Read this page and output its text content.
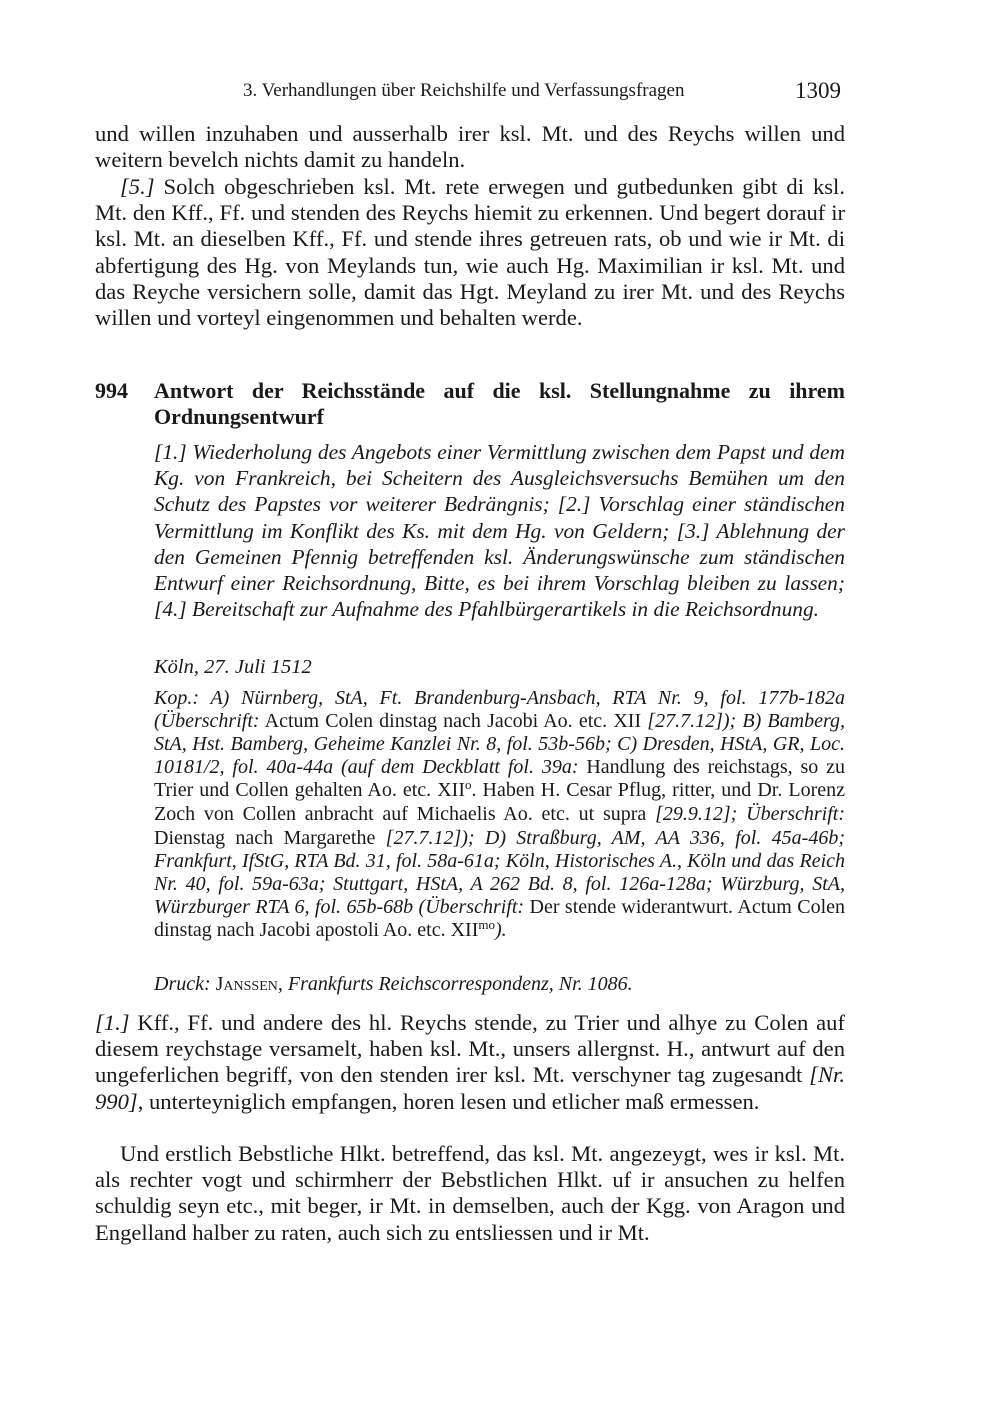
3. Verhandlungen über Reichshilfe und Verfassungsfragen	1309

und willen inzuhaben und ausserhalb irer ksl. Mt. und des Reychs willen und weitern bevelch nichts damit zu handeln.

[5.] Solch obgeschrieben ksl. Mt. rete erwegen und gutbedunken gibt di ksl. Mt. den Kff., Ff. und stenden des Reychs hiemit zu erkennen. Und begert dorauf ir ksl. Mt. an dieselben Kff., Ff. und stende ihres getreuen rats, ob und wie ir Mt. di abfertigung des Hg. von Meylands tun, wie auch Hg. Maximilian ir ksl. Mt. und das Reyche versichern solle, damit das Hgt. Meyland zu irer Mt. und des Reychs willen und vorteyl eingenommen und behalten werde.

994 Antwort der Reichsstände auf die ksl. Stellungnahme zu ihrem Ordnungsentwurf

[1.] Wiederholung des Angebots einer Vermittlung zwischen dem Papst und dem Kg. von Frankreich, bei Scheitern des Ausgleichsversuchs Bemühen um den Schutz des Papstes vor weiterer Bedrängnis; [2.] Vorschlag einer ständischen Vermittlung im Konflikt des Ks. mit dem Hg. von Geldern; [3.] Ablehnung der den Gemeinen Pfennig betreffenden ksl. Änderungswünsche zum ständischen Entwurf einer Reichsordnung, Bitte, es bei ihrem Vorschlag bleiben zu lassen; [4.] Bereitschaft zur Aufnahme des Pfahlbürgerartikels in die Reichsordnung.

Köln, 27. Juli 1512

Kop.: A) Nürnberg, StA, Ft. Brandenburg-Ansbach, RTA Nr. 9, fol. 177b-182a (Überschrift: Actum Colen dinstag nach Jacobi Ao. etc. XII [27.7.12]); B) Bamberg, StA, Hst. Bamberg, Geheime Kanzlei Nr. 8, fol. 53b-56b; C) Dresden, HStA, GR, Loc. 10181/2, fol. 40a-44a (auf dem Deckblatt fol. 39a: Handlung des reichstags, so zu Trier und Collen gehalten Ao. etc. XII$^o$. Haben H. Cesar Pflug, ritter, und Dr. Lorenz Zoch von Collen anbracht auf Michaelis Ao. etc. ut supra [29.9.12]; Überschrift: Dienstag nach Margarethe [27.7.12]); D) Straßburg, AM, AA 336, fol. 45a-46b; Frankfurt, IfStG, RTA Bd. 31, fol. 58a-61a; Köln, Historisches A., Köln und das Reich Nr. 40, fol. 59a-63a; Stuttgart, HStA, A 262 Bd. 8, fol. 126a-128a; Würzburg, StA, Würzburger RTA 6, fol. 65b-68b (Überschrift: Der stende widerantwurt. Actum Colen dinstag nach Jacobi apostoli Ao. etc. $XII^{mo}$).

Druck: Janssen, Frankfurts Reichscorrespondenz, Nr. 1086.

[1.] Kff., Ff. und andere des hl. Reychs stende, zu Trier und alhye zu Colen auf diesem reychstage versamelt, haben ksl. Mt., unsers allergnst. H., antwurt auf den ungeferlichen begriff, von den stenden irer ksl. Mt. verschyner tag zugesandt [Nr. 990], unterteyniglich empfangen, horen lesen und etlicher maß ermessen.

Und erstlich Bebstliche Hlkt. betreffend, das ksl. Mt. angezeygt, wes ir ksl. Mt. als rechter vogt und schirmherr der Bebstlichen Hlkt. uf ir ansuchen zu helfen schuldig seyn etc., mit beger, ir Mt. in demselben, auch der Kgg. von Aragon und Engelland halber zu raten, auch sich zu entsliessen und ir Mt.
